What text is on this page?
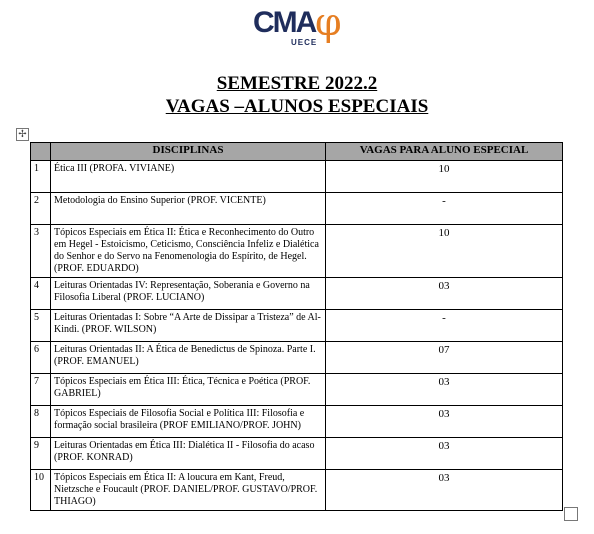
CMA φ
UECE
SEMESTRE 2022.2
VAGAS –ALUNOS ESPECIAIS
✢
	DISCIPLINAS	VAGAS PARA ALUNO ESPECIAL
1	Ética III (PROFA. VIVIANE)	10
2	Metodologia do Ensino Superior (PROF. VICENTE)	-
3	Tópicos Especiais em Ética II: Ética e Reconhecimento do Outro em Hegel - Estoicismo, Ceticismo, Consciência Infeliz e Dialética do Senhor e do Servo na Fenomenologia do Espírito, de Hegel. (PROF. EDUARDO)	10
4	Leituras Orientadas IV: Representação, Soberania e Governo na Filosofia Liberal (PROF. LUCIANO)	03
5	Leituras Orientadas I: Sobre “A Arte de Dissipar a Tristeza” de Al-Kindi. (PROF. WILSON)	-
6	Leituras Orientadas II: A Ética de Benedictus de Spinoza. Parte I. (PROF. EMANUEL)	07
7	Tópicos Especiais em Ética III: Ética, Técnica e Poética (PROF. GABRIEL)	03
8	Tópicos Especiais de Filosofia Social e Política III: Filosofia e formação social brasileira (PROF EMILIANO/PROF. JOHN)	03
9	Leituras Orientadas em Ética III: Dialética II - Filosofia do acaso (PROF. KONRAD)	03
10	Tópicos Especiais em Ética II: A loucura em Kant, Freud, Nietzsche e Foucault (PROF. DANIEL/PROF. GUSTAVO/PROF. THIAGO)	03
